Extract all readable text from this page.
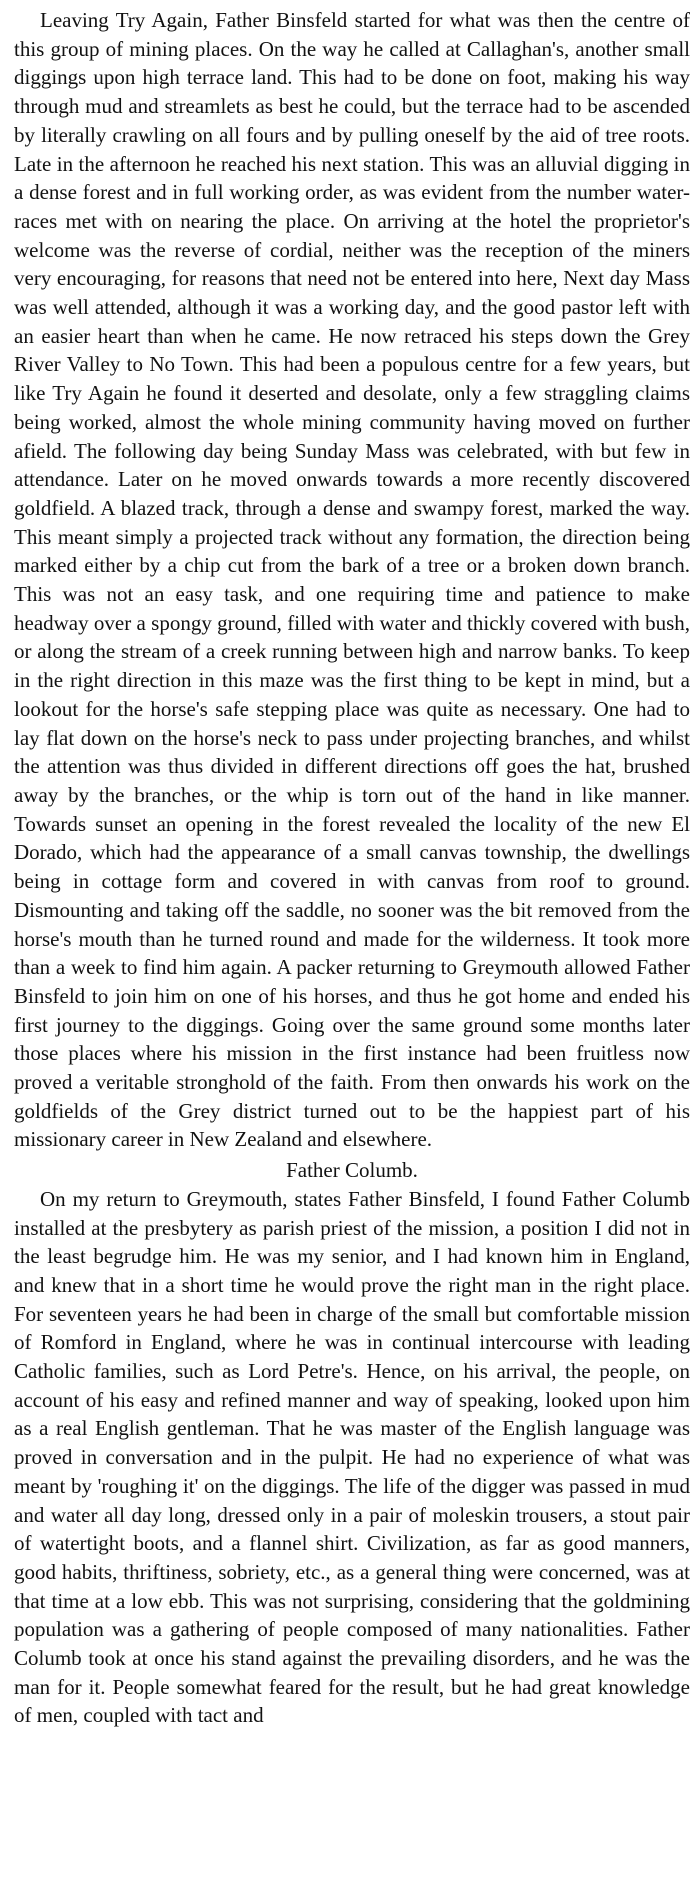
Leaving Try Again, Father Binsfeld started for what was then the centre of this group of mining places. On the way he called at Callaghan's, another small diggings upon high terrace land. This had to be done on foot, making his way through mud and streamlets as best he could, but the terrace had to be ascended by literally crawling on all fours and by pulling oneself by the aid of tree roots. Late in the afternoon he reached his next station. This was an alluvial digging in a dense forest and in full working order, as was evident from the number water-races met with on nearing the place. On arriving at the hotel the proprietor's welcome was the reverse of cordial, neither was the reception of the miners very encouraging, for reasons that need not be entered into here, Next day Mass was well attended, although it was a working day, and the good pastor left with an easier heart than when he came. He now retraced his steps down the Grey River Valley to No Town. This had been a populous centre for a few years, but like Try Again he found it deserted and desolate, only a few straggling claims being worked, almost the whole mining community having moved on further afield. The following day being Sunday Mass was celebrated, with but few in attendance. Later on he moved onwards towards a more recently discovered goldfield. A blazed track, through a dense and swampy forest, marked the way. This meant simply a projected track without any formation, the direction being marked either by a chip cut from the bark of a tree or a broken down branch. This was not an easy task, and one requiring time and patience to make headway over a spongy ground, filled with water and thickly covered with bush, or along the stream of a creek running between high and narrow banks. To keep in the right direction in this maze was the first thing to be kept in mind, but a lookout for the horse's safe stepping place was quite as necessary. One had to lay flat down on the horse's neck to pass under projecting branches, and whilst the attention was thus divided in different directions off goes the hat, brushed away by the branches, or the whip is torn out of the hand in like manner. Towards sunset an opening in the forest revealed the locality of the new El Dorado, which had the appearance of a small canvas township, the dwellings being in cottage form and covered in with canvas from roof to ground. Dismounting and taking off the saddle, no sooner was the bit removed from the horse's mouth than he turned round and made for the wilderness. It took more than a week to find him again. A packer returning to Greymouth allowed Father Binsfeld to join him on one of his horses, and thus he got home and ended his first journey to the diggings. Going over the same ground some months later those places where his mission in the first instance had been fruitless now proved a veritable stronghold of the faith. From then onwards his work on the goldfields of the Grey district turned out to be the happiest part of his missionary career in New Zealand and elsewhere.

Father Columb.

On my return to Greymouth, states Father Binsfeld, I found Father Columb installed at the presbytery as parish priest of the mission, a position I did not in the least begrudge him. He was my senior, and I had known him in England, and knew that in a short time he would prove the right man in the right place. For seventeen years he had been in charge of the small but comfortable mission of Romford in England, where he was in continual intercourse with leading Catholic families, such as Lord Petre's. Hence, on his arrival, the people, on account of his easy and refined manner and way of speaking, looked upon him as a real English gentleman. That he was master of the English language was proved in conversation and in the pulpit. He had no experience of what was meant by 'roughing it' on the diggings. The life of the digger was passed in mud and water all day long, dressed only in a pair of moleskin trousers, a stout pair of watertight boots, and a flannel shirt. Civilization, as far as good manners, good habits, thriftiness, sobriety, etc., as a general thing were concerned, was at that time at a low ebb. This was not surprising, considering that the goldmining population was a gathering of people composed of many nationalities. Father Columb took at once his stand against the prevailing disorders, and he was the man for it. People somewhat feared for the result, but he had great knowledge of men, coupled with tact and
